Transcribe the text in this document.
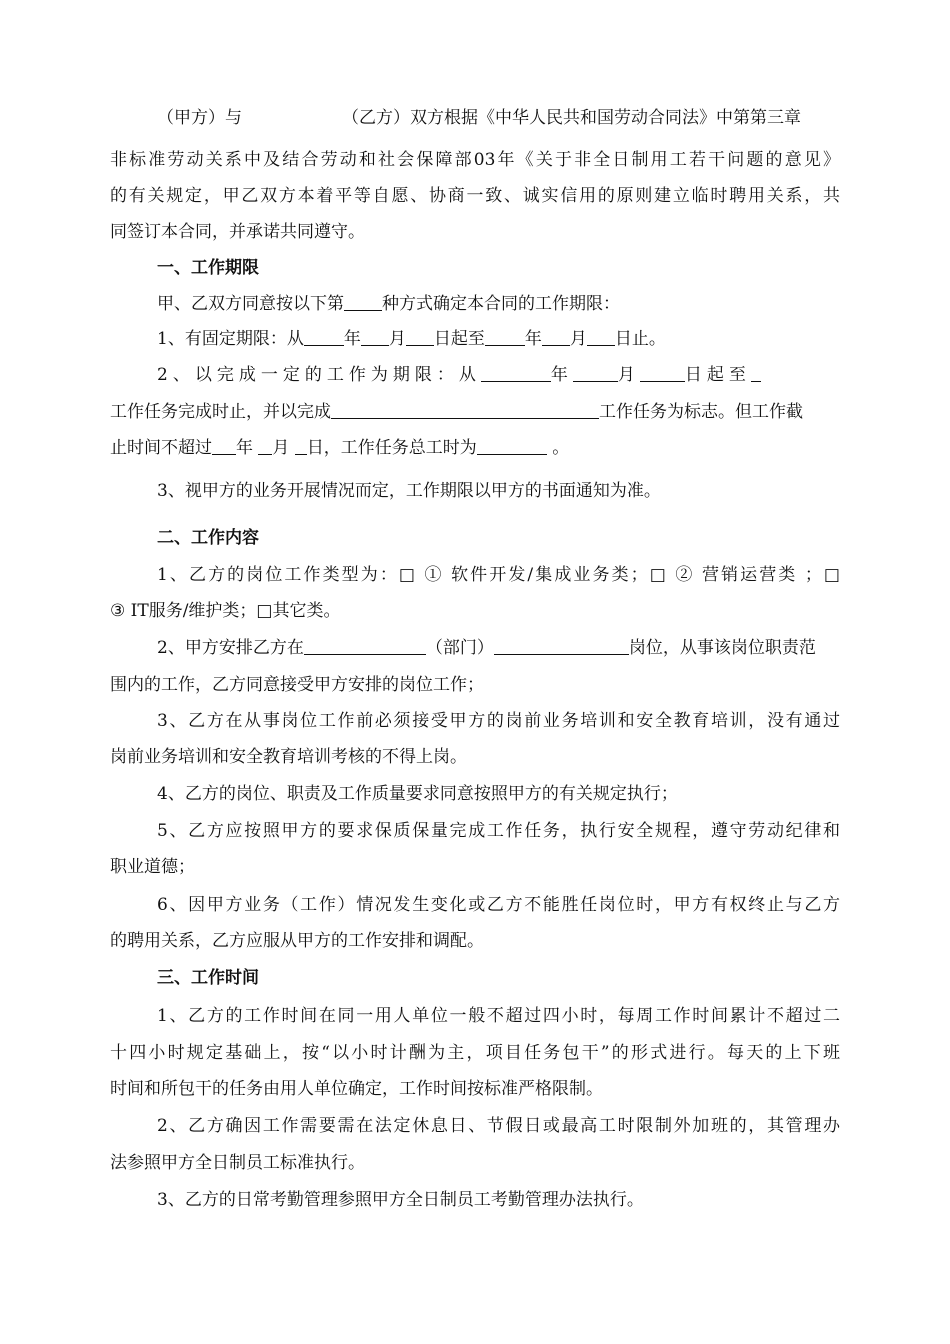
（甲方）与	（乙方）双方根据《中华人民共和国劳动合同法》中第第三章
非标准劳动关系中及结合劳动和社会保障部03年《关于非全日制用工若干问题的意见》
的有关规定，甲乙双方本着平等自愿、协商一致、诚实信用的原则建立临时聘用关系，共
同签订本合同，并承诺共同遵守。
一、工作期限
甲、乙双方同意按以下第 种方式确定本合同的工作期限：
1、有固定期限：从 年 月 日起至 年 月 日止。
2、以完成一定的工作为期限：从	年	月	日起至
工作任务完成时止，并以完成	工作任务为标志。但工作截
止时间不超过 年 月 日，工作任务总工时为	。
3、视甲方的业务开展情况而定，工作期限以甲方的书面通知为准。
二、工作内容
1、乙方的岗位工作类型为：□ ① 软件开发/集成业务类；□ ② 营销运营类 ；□
③ IT服务/维护类；□其它类。
2、甲方安排乙方在	（部门）	岗位，从事该岗位职责范
围内的工作，乙方同意接受甲方安排的岗位工作；
3、乙方在从事岗位工作前必须接受甲方的岗前业务培训和安全教育培训，没有通过
岗前业务培训和安全教育培训考核的不得上岗。
4、乙方的岗位、职责及工作质量要求同意按照甲方的有关规定执行；
5、乙方应按照甲方的要求保质保量完成工作任务，执行安全规程，遵守劳动纪律和
职业道德；
6、因甲方业务（工作）情况发生变化或乙方不能胜任岗位时，甲方有权终止与乙方
的聘用关系，乙方应服从甲方的工作安排和调配。
三、工作时间
1、乙方的工作时间在同一用人单位一般不超过四小时，每周工作时间累计不超过二
十四小时规定基础上，按“以小时计酬为主，项目任务包干”的形式进行。每天的上下班
时间和所包干的任务由用人单位确定，工作时间按标准严格限制。
2、乙方确因工作需要需在法定休息日、节假日或最高工时限制外加班的，其管理办
法参照甲方全日制员工标准执行。
3、乙方的日常考勤管理参照甲方全日制员工考勤管理办法执行。
